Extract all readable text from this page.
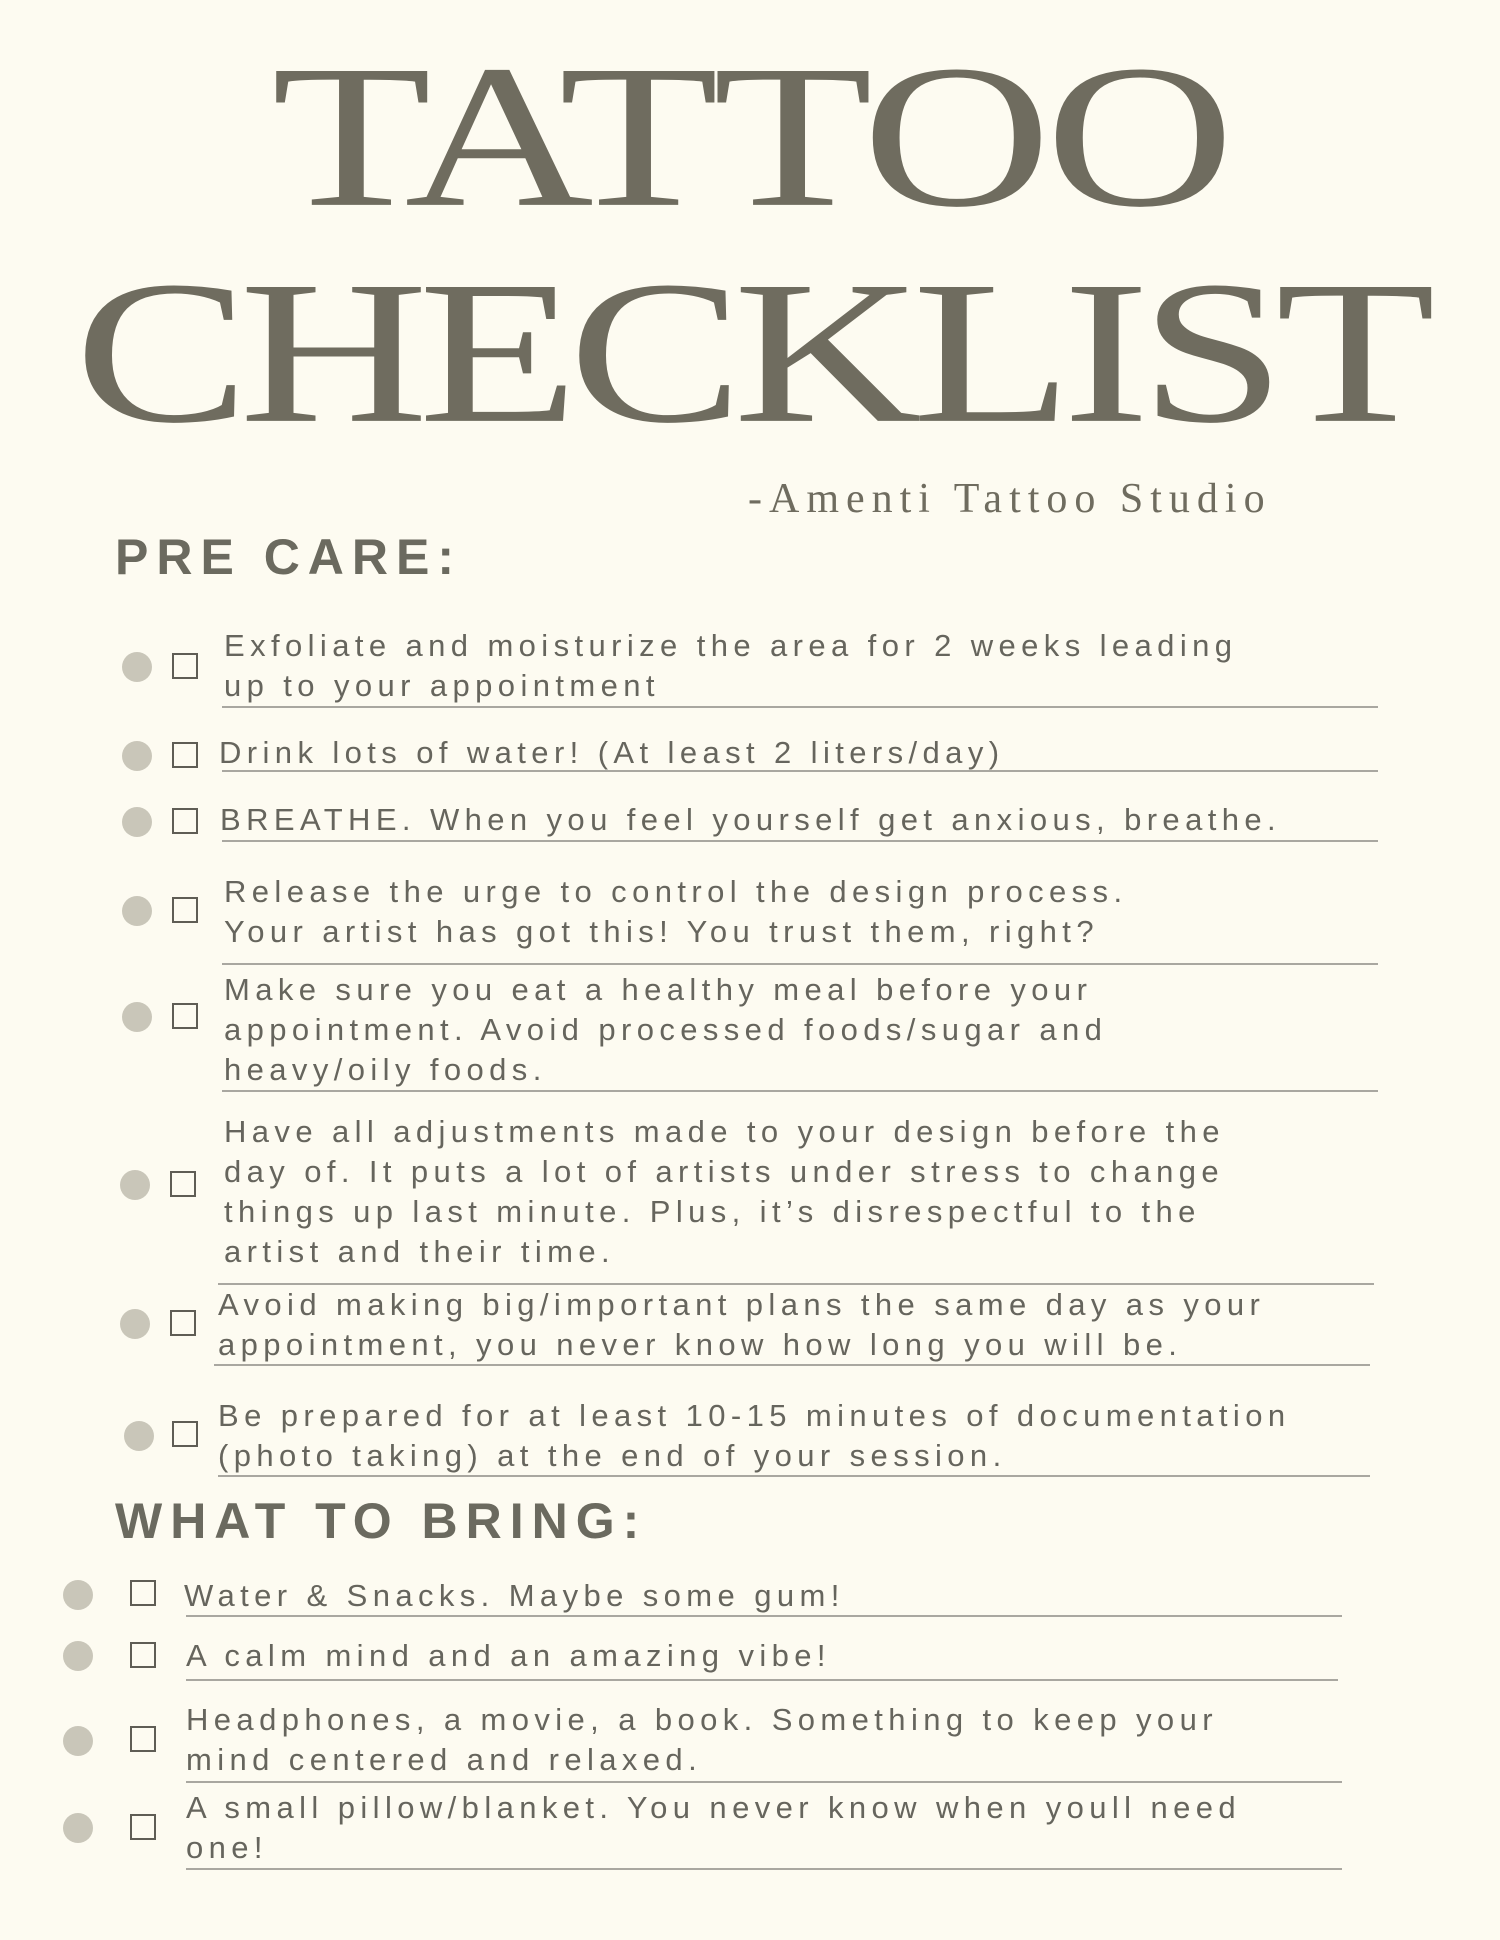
TATTOO
CHECKLIST
-Amenti Tattoo Studio
PRE CARE:
Exfoliate and moisturize the area for 2 weeks leading
up to your appointment
Drink lots of water! (At least 2 liters/day)
BREATHE. When you feel yourself get anxious, breathe.
Release the urge to control the design process.
Your artist has got this! You trust them, right?
Make sure you eat a healthy meal before your
appointment. Avoid processed foods/sugar and
heavy/oily foods.
Have all adjustments made to your design before the
day of. It puts a lot of artists under stress to change
things up last minute. Plus, it’s disrespectful to the
artist and their time.
Avoid making big/important plans the same day as your
appointment, you never know how long you will be.
Be prepared for at least 10-15 minutes of documentation
(photo taking) at the end of your session.
WHAT TO BRING:
Water & Snacks. Maybe some gum!
A calm mind and an amazing vibe!
Headphones, a movie, a book. Something to keep your
mind centered and relaxed.
A small pillow/blanket. You never know when youll need
one!
